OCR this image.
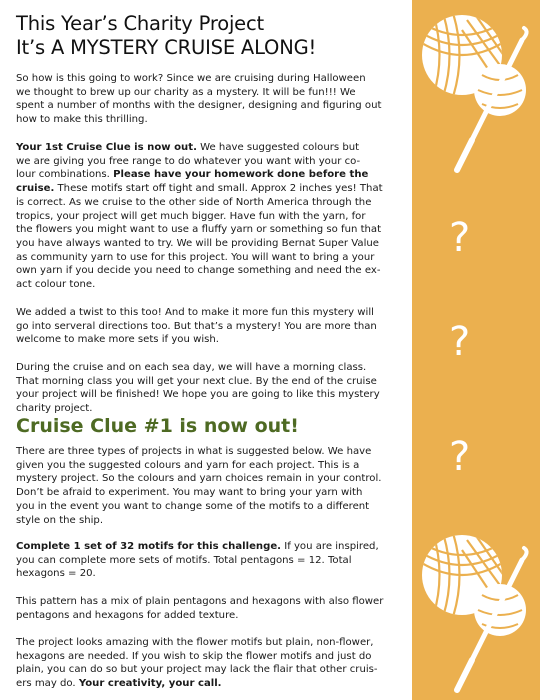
This Year’s Charity Project
It’s A MYSTERY CRUISE ALONG!
So how is this going to work? Since we are cruising during Halloween
we thought to brew up our charity as a mystery. It will be fun!!! We
spent a number of months with the designer, designing and figuring out
how to make this thrilling.
Your 1st Cruise Clue is now out. We have suggested colours but
we are giving you free range to do whatever you want with your co-
lour combinations. Please have your homework done before the
cruise. These motifs start off tight and small. Approx 2 inches yes! That
is correct. As we cruise to the other side of North America through the
tropics, your project will get much bigger. Have fun with the yarn, for
the flowers you might want to use a fluffy yarn or something so fun that
you have always wanted to try. We will be providing Bernat Super Value
as community yarn to use for this project. You will want to bring a your
own yarn if you decide you need to change something and need the ex-
act colour tone.
We added a twist to this too! And to make it more fun this mystery will
go into serveral directions too. But that’s a mystery! You are more than
welcome to make more sets if you wish.
During the cruise and on each sea day, we will have a morning class.
That morning class you will get your next clue. By the end of the cruise
your project will be finished! We hope you are going to like this mystery
charity project.
Cruise Clue #1 is now out!
There are three types of projects in what is suggested below. We have
given you the suggested colours and yarn for each project. This is a
mystery project. So the colours and yarn choices remain in your control.
Don’t be afraid to experiment. You may want to bring your yarn with
you in the event you want to change some of the motifs to a different
style on the ship.
Complete 1 set of 32 motifs for this challenge. If you are inspired,
you can complete more sets of motifs. Total pentagons = 12. Total
hexagons = 20.
This pattern has a mix of plain pentagons and hexagons with also flower
pentagons and hexagons for added texture.
The project looks amazing with the flower motifs but plain, non-flower,
hexagons are needed. If you wish to skip the flower motifs and just do
plain, you can do so but your project may lack the flair that other cruis-
ers may do. Your creativity, your call.
?
?
?
